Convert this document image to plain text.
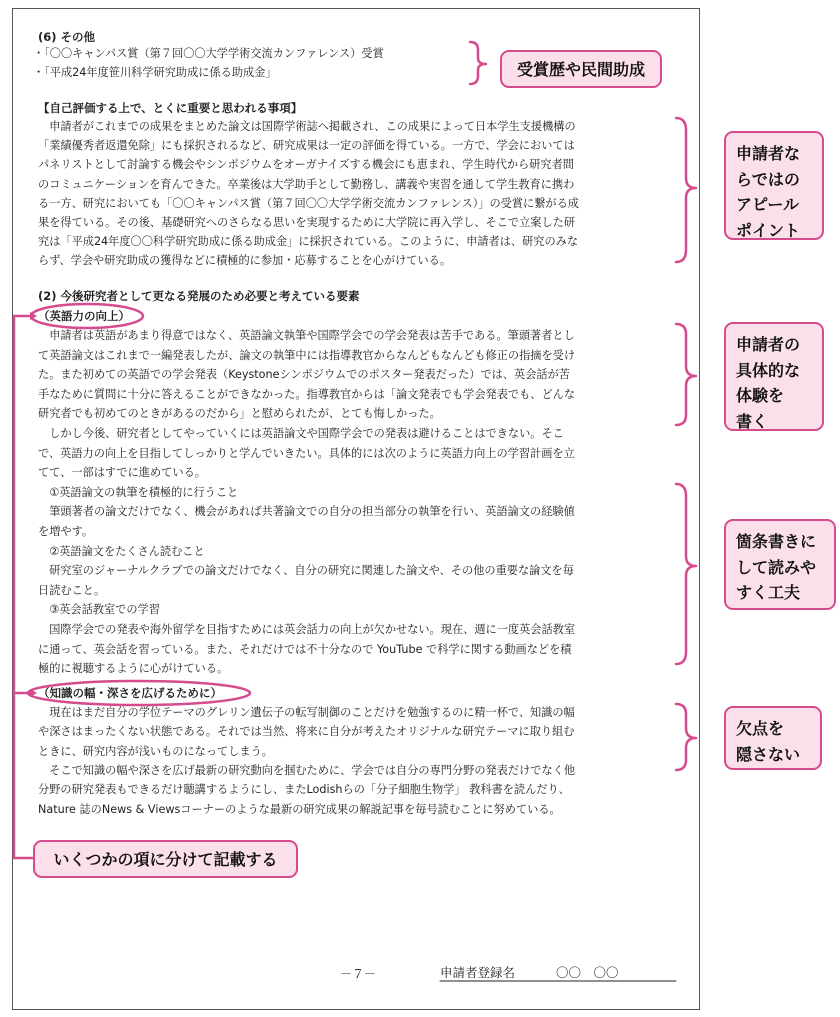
(6) その他
・「〇〇キャンパス賞（第７回〇〇大学学術交流カンファレンス）受賞
・「平成24年度笹川科学研究助成に係る助成金」
【自己評価する上で、とくに重要と思われる事項】
　申請者がこれまでの成果をまとめた論文は国際学術誌へ掲載され、この成果によって日本学生支援機構の
「業績優秀者返還免除」にも採択されるなど、研究成果は一定の評価を得ている。一方で、学会においては
パネリストとして討論する機会やシンポジウムをオーガナイズする機会にも恵まれ、学生時代から研究者間
のコミュニケーションを育んできた。卒業後は大学助手として勤務し、講義や実習を通して学生教育に携わ
る一方、研究においても「〇〇キャンパス賞（第７回〇〇大学学術交流カンファレンス）」の受賞に繋がる成
果を得ている。その後、基礎研究へのさらなる思いを実現するために大学院に再入学し、そこで立案した研
究は「平成24年度〇〇科学研究助成に係る助成金」に採択されている。このように、申請者は、研究のみな
らず、学会や研究助成の獲得などに積極的に参加・応募することを心がけている。
(2) 今後研究者として更なる発展のため必要と考えている要素
（英語力の向上）
　申請者は英語があまり得意ではなく、英語論文執筆や国際学会での学会発表は苦手である。筆頭著者とし
て英語論文はこれまで一編発表したが、論文の執筆中には指導教官からなんどもなんども修正の指摘を受け
た。また初めての英語での学会発表（Keystoneシンポジウムでのポスター発表だった）では、英会話が苦
手なために質問に十分に答えることができなかった。指導教官からは「論文発表でも学会発表でも、どんな
研究者でも初めてのときがあるのだから」と慰められたが、とても悔しかった。
　しかし今後、研究者としてやっていくには英語論文や国際学会での発表は避けることはできない。そこ
で、英語力の向上を目指してしっかりと学んでいきたい。具体的には次のように英語力向上の学習計画を立
てて、一部はすでに進めている。
　①英語論文の執筆を積極的に行うこと
　筆頭著者の論文だけでなく、機会があれば共著論文での自分の担当部分の執筆を行い、英語論文の経験値
を増やす。
　②英語論文をたくさん読むこと
　研究室のジャーナルクラブでの論文だけでなく、自分の研究に関連した論文や、その他の重要な論文を毎
日読むこと。
　③英会話教室での学習
　国際学会での発表や海外留学を目指すためには英会話力の向上が欠かせない。現在、週に一度英会話教室
に通って、英会話を習っている。また、それだけでは不十分なので YouTube で科学に関する動画などを積
極的に視聴するように心がけている。
（知識の幅・深さを広げるために）
　現在はまだ自分の学位テーマのグレリン遺伝子の転写制御のことだけを勉強するのに精一杯で、知識の幅
や深さはまったくない状態である。それでは当然、将来に自分が考えたオリジナルな研究テーマに取り組む
ときに、研究内容が浅いものになってしまう。
　そこで知識の幅や深さを広げ最新の研究動向を掴むために、学会では自分の専門分野の発表だけでなく他
分野の研究発表もできるだけ聴講するようにし、またLodishらの「分子細胞生物学」 教科書を読んだり、
Nature 誌のNews & Viewsコーナーのような最新の研究成果の解説記事を毎号読むことに努めている。
－７－	申請者登録名	〇〇　〇〇
受賞歴や民間助成
申請者な
らではの
アピール
ポイント
申請者の
具体的な
体験を
書く
箇条書きに
して読みや
すく工夫
欠点を
隠さない
いくつかの項に分けて記載する
